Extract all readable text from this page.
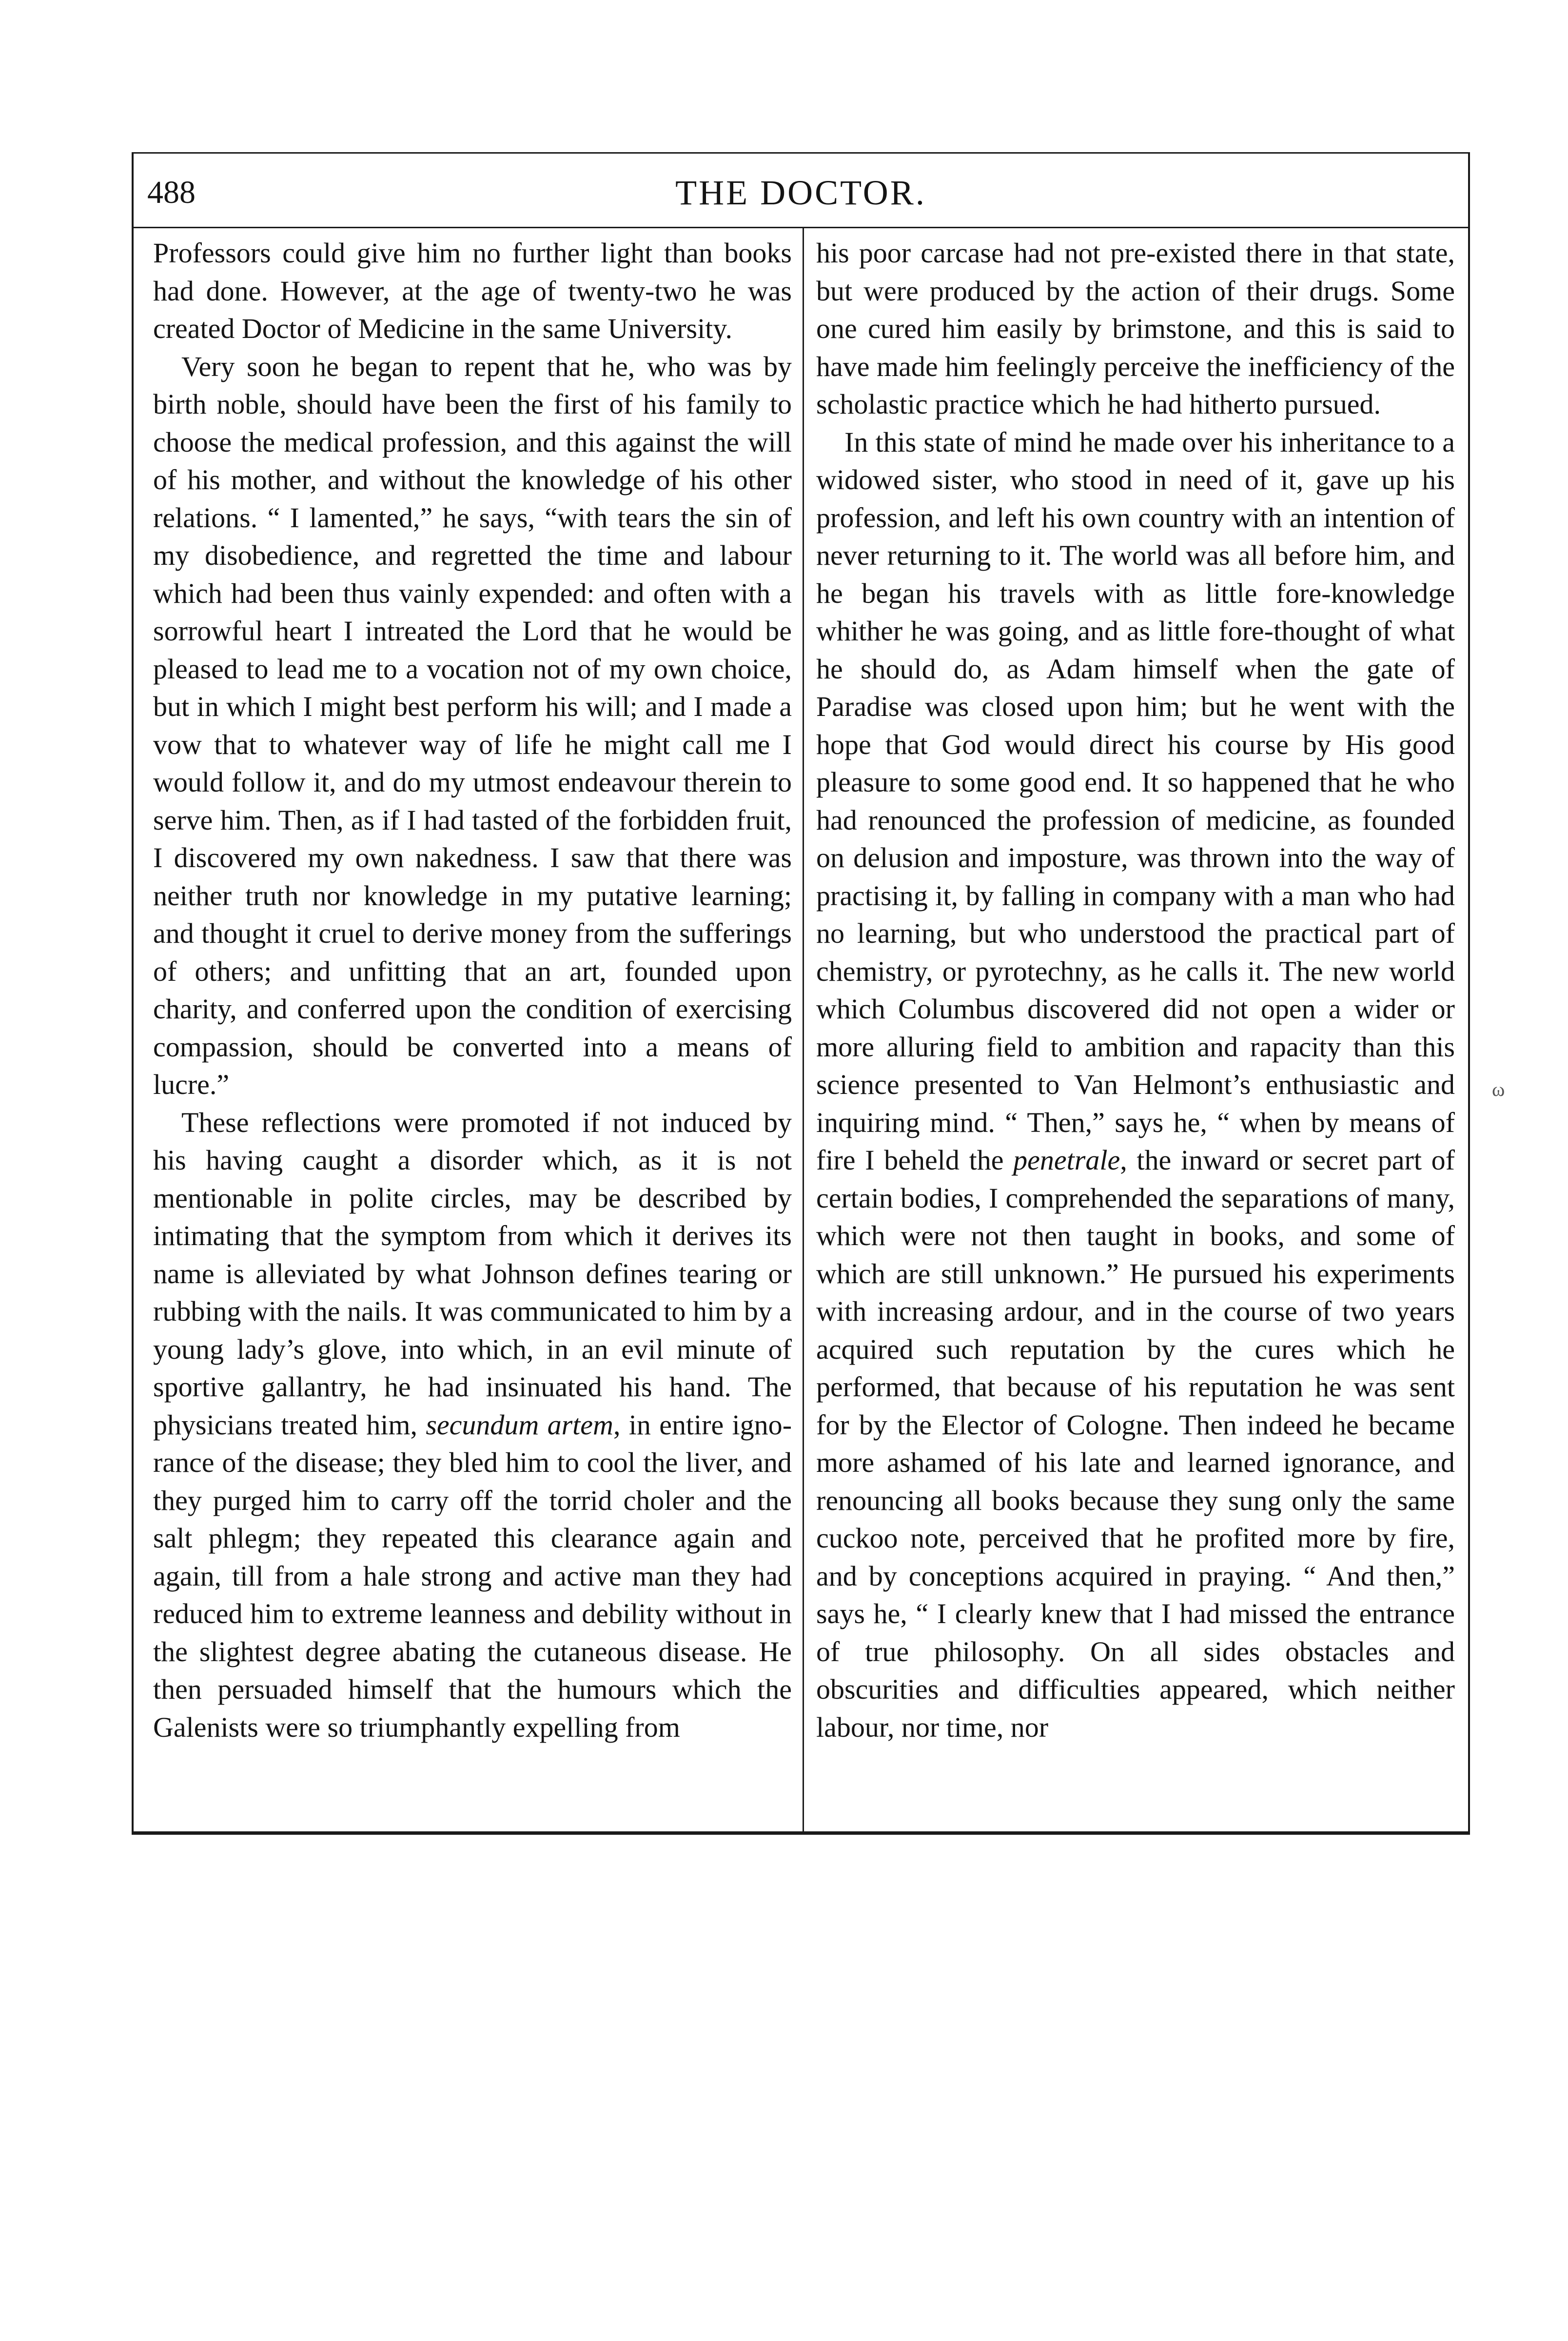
488	THE DOCTOR.

Professors could give him no further light than books had done. However, at the age of twenty-two he was created Doctor of Medicine in the same University.

Very soon he began to repent that he, who was by birth noble, should have been the first of his family to choose the medical profession, and this against the will of his mother, and without the knowledge of his other relations. “ I lamented,” he says, “with tears the sin of my disobedience, and regretted the time and labour which had been thus vainly expended: and often with a sorrowful heart I intreated the Lord that he would be pleased to lead me to a vocation not of my own choice, but in which I might best perform his will; and I made a vow that to whatever way of life he might call me I would follow it, and do my utmost endeavour therein to serve him. Then, as if I had tasted of the forbidden fruit, I discovered my own nakedness. I saw that there was neither truth nor knowledge in my putative learning; and thought it cruel to derive money from the sufferings of others; and unfitting that an art, founded upon charity, and conferred upon the condition of exercising compassion, should be converted into a means of lucre.”

These reflections were promoted if not induced by his having caught a disorder which, as it is not mentionable in polite circles, may be described by intimating that the symptom from which it derives its name is alleviated by what Johnson defines tearing or rubbing with the nails. It was communicated to him by a young lady’s glove, into which, in an evil minute of sportive gallantry, he had insinuated his hand. The physicians treated him, secundum artem, in entire ignorance of the disease; they bled him to cool the liver, and they purged him to carry off the torrid choler and the salt phlegm; they repeated this clearance again and again, till from a hale strong and active man they had reduced him to extreme leanness and debility without in the slightest degree abating the cutaneous disease. He then persuaded himself that the humours which the Galenists were so triumphantly expelling from

his poor carcase had not pre-existed there in that state, but were produced by the action of their drugs. Some one cured him easily by brimstone, and this is said to have made him feelingly perceive the inefficiency of the scholastic practice which he had hitherto pursued.

In this state of mind he made over his inheritance to a widowed sister, who stood in need of it, gave up his profession, and left his own country with an intention of never returning to it. The world was all before him, and he began his travels with as little fore-knowledge whither he was going, and as little fore-thought of what he should do, as Adam himself when the gate of Paradise was closed upon him; but he went with the hope that God would direct his course by His good pleasure to some good end. It so happened that he who had renounced the profession of medicine, as founded on delusion and imposture, was thrown into the way of practising it, by falling in company with a man who had no learning, but who understood the practical part of chemistry, or pyrotechny, as he calls it. The new world which Columbus discovered did not open a wider or more alluring field to ambition and rapacity than this science presented to Van Helmont’s enthusiastic and inquiring mind. “ Then,” says he, “ when by means of fire I beheld the penetrale, the inward or secret part of certain bodies, I comprehended the separations of many, which were not then taught in books, and some of which are still unknown.” He pursued his experiments with increasing ardour, and in the course of two years acquired such reputation by the cures which he performed, that because of his reputation he was sent for by the Elector of Cologne. Then indeed he became more ashamed of his late and learned ignorance, and renouncing all books because they sung only the same cuckoo note, perceived that he profited more by fire, and by conceptions acquired in praying. “ And then,” says he, “ I clearly knew that I had missed the entrance of true philosophy. On all sides obstacles and obscurities and difficulties appeared, which neither labour, nor time, nor

ω
